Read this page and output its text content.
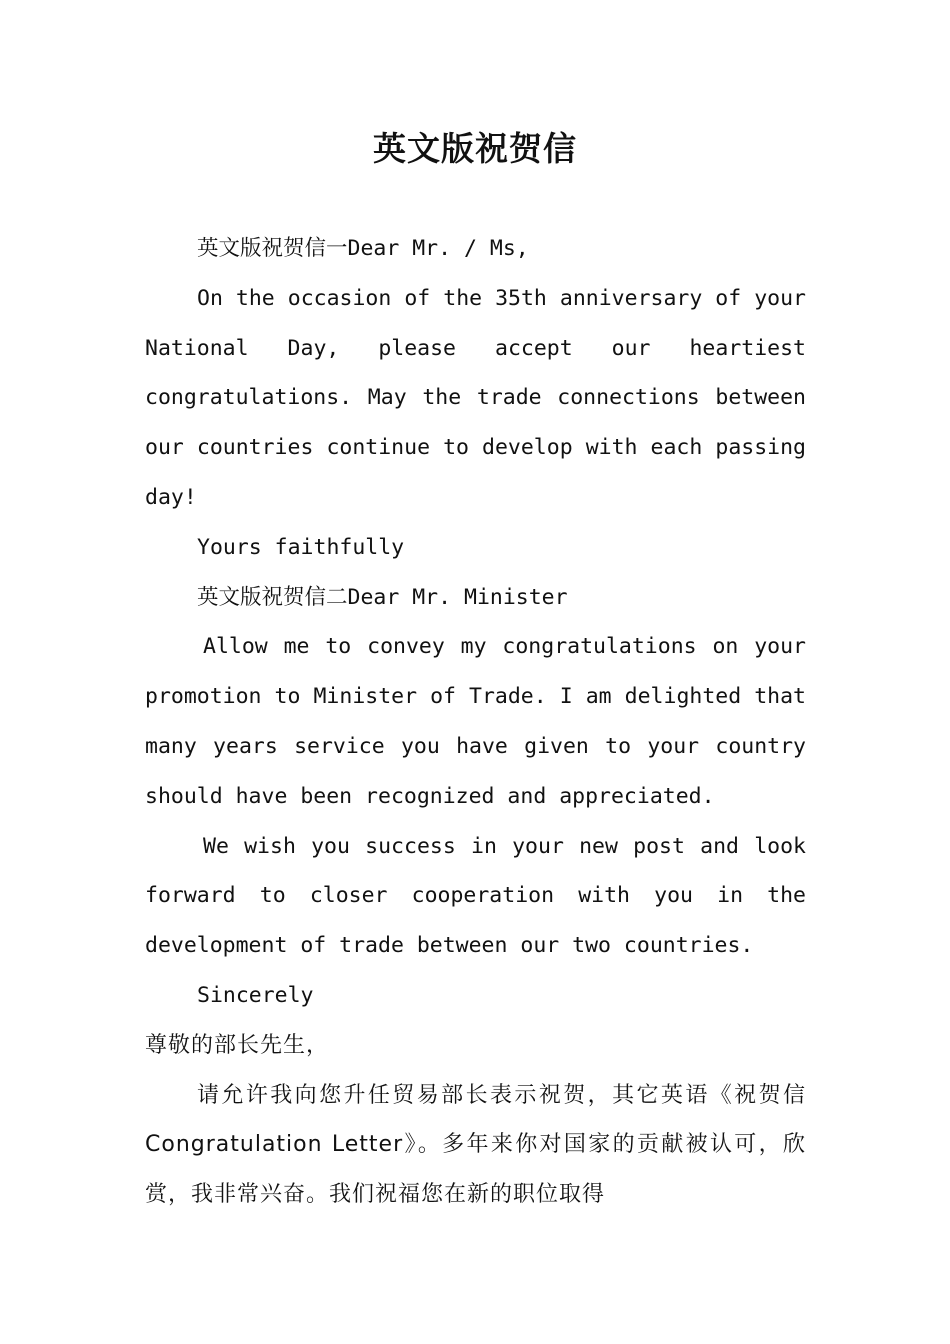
英文版祝贺信

英文版祝贺信一Dear Mr. / Ms,

On the occasion of the 35th anniversary of your National Day, please accept our heartiest congratulations. May the trade connections between our countries continue to develop with each passing day!

Yours faithfully

英文版祝贺信二Dear Mr. Minister

Allow me to convey my congratulations on your promotion to Minister of Trade. I am delighted that many years service you have given to your country should have been recognized and appreciated.

We wish you success in your new post and look forward to closer cooperation with you in the development of trade between our two countries.

Sincerely

尊敬的部长先生，

请允许我向您升任贸易部长表示祝贺，其它英语《祝贺信 Congratulation Letter》。多年来你对国家的贡献被认可，欣赏，我非常兴奋。我们祝福您在新的职位取得
